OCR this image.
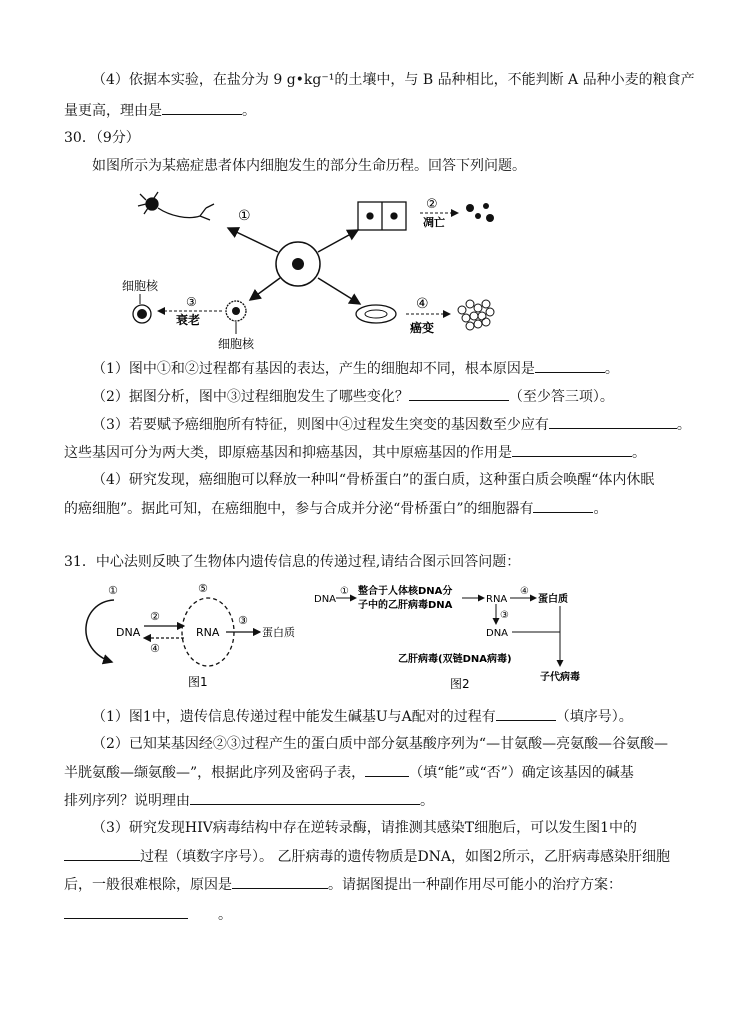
（4）依据本实验，在盐分为 9 g•kg⁻¹的土壤中，与 B 品种相比，不能判断 A 品种小麦的粮食产
量更高，理由是	。
30．（9分）
如图所示为某癌症患者体内细胞发生的部分生命历程。回答下列问题。
①
②
凋亡
细胞核
③
衰老
细胞核
④
癌变
（1）图中①和②过程都有基因的表达，产生的细胞却不同，根本原因是	。
（2）据图分析，图中③过程细胞发生了哪些变化？	（至少答三项）。
（3）若要赋予癌细胞所有特征，则图中④过程发生突变的基因数至少应有	。
这些基因可分为两大类，即原癌基因和抑癌基因，其中原癌基因的作用是	。
（4）研究发现，癌细胞可以释放一种叫“骨桥蛋白”的蛋白质，这种蛋白质会唤醒“体内休眠
的癌细胞”。据此可知，在癌细胞中，参与合成并分泌“骨桥蛋白”的细胞器有	。
31．中心法则反映了生物体内遗传信息的传递过程,请结合图示回答问题：
①
DNA
②
④
⑤
RNA
③
蛋白质
图1
DNA
① 整合于人体核DNA分
子中的乙肝病毒DNA
RNA
④
蛋白质
③
DNA
乙肝病毒(双链DNA病毒)
子代病毒
图2
（1）图1中，遗传信息传递过程中能发生碱基U与A配对的过程有	（填序号）。
（2）已知某基因经②③过程产生的蛋白质中部分氨基酸序列为“—甘氨酸—亮氨酸—谷氨酸—
半胱氨酸—缬氨酸—”，根据此序列及密码子表，	（填“能”或“否”）确定该基因的碱基
排列序列？说明理由	。
（3）研究发现HIV病毒结构中存在逆转录酶，请推测其感染T细胞后，可以发生图1中的
过程（填数字序号）。 乙肝病毒的遗传物质是DNA，如图2所示，乙肝病毒感染肝细胞
后，一般很难根除，原因是	。请据图提出一种副作用尽可能小的治疗方案：
。
